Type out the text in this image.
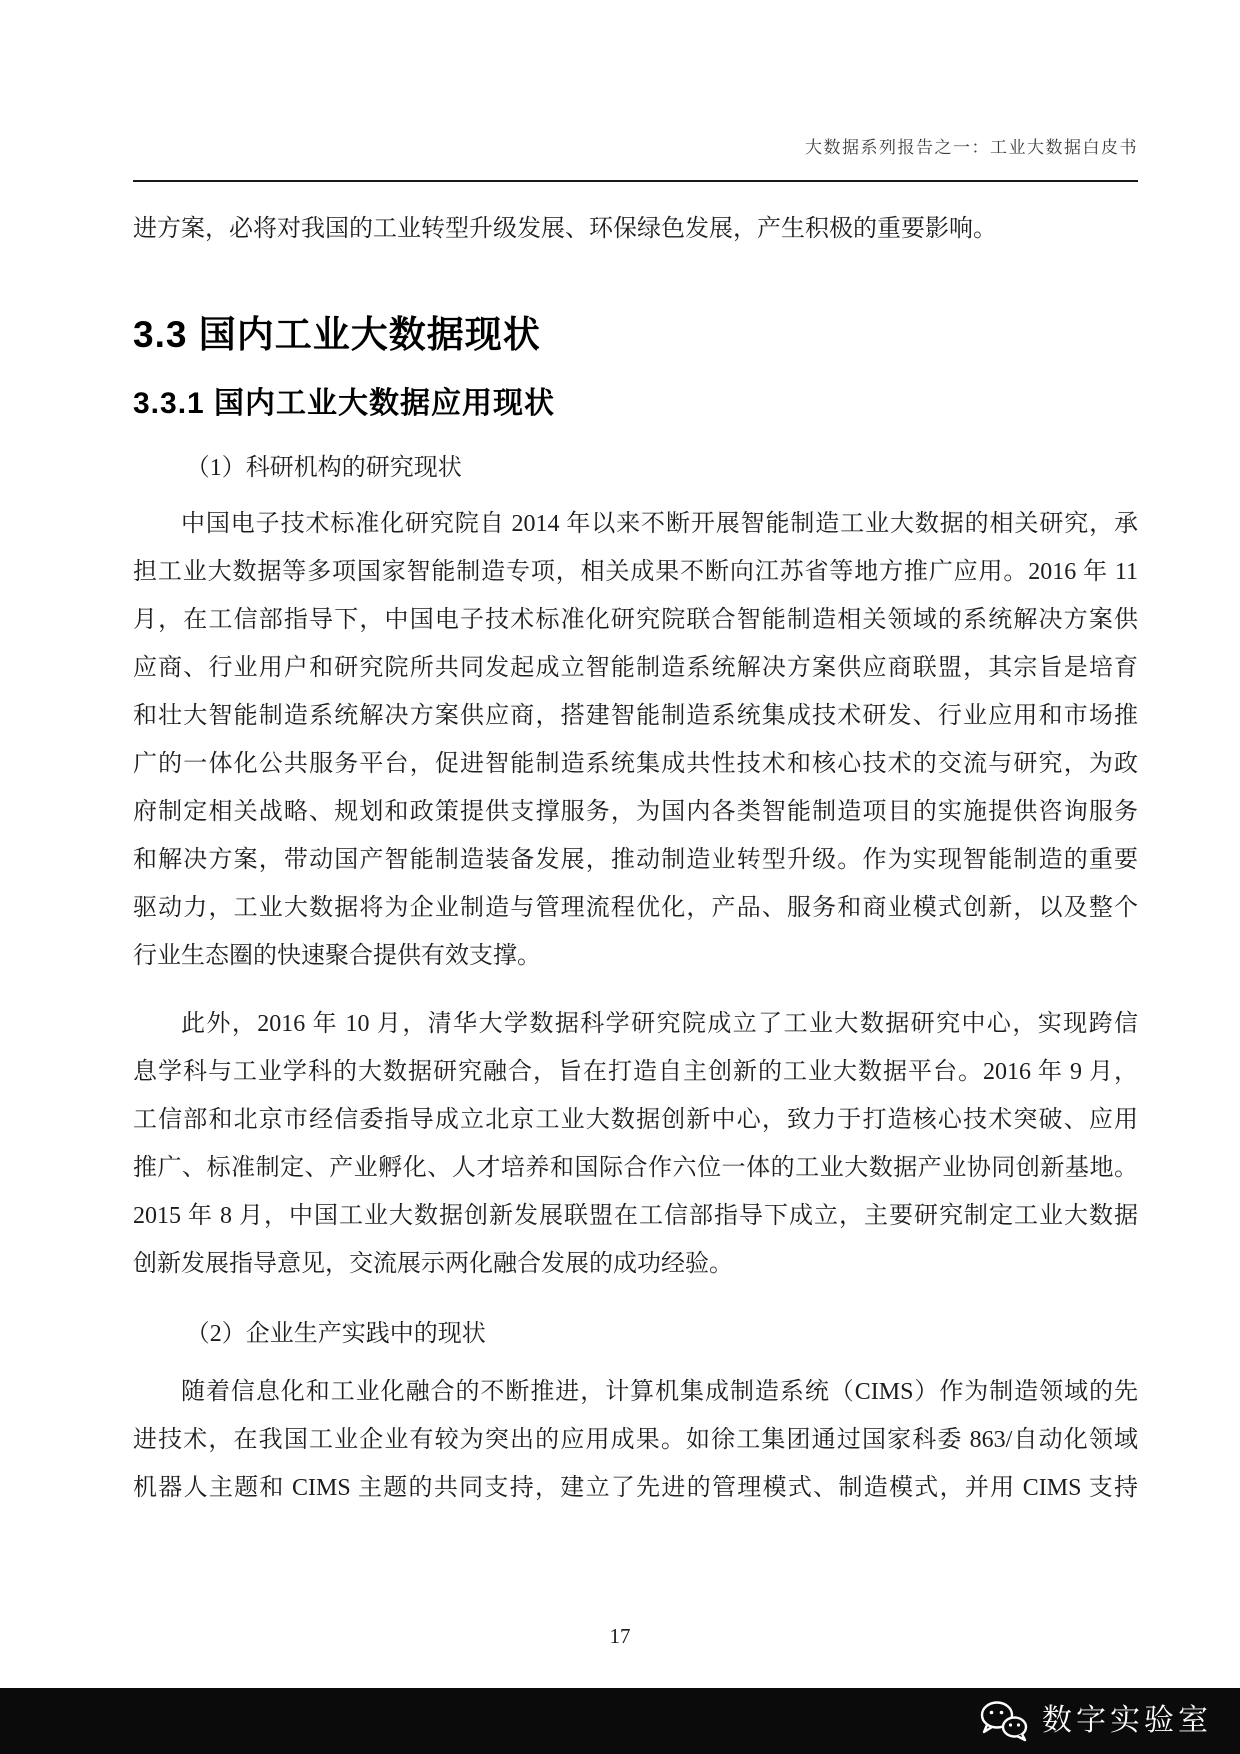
大数据系列报告之一：工业大数据白皮书
进方案，必将对我国的工业转型升级发展、环保绿色发展，产生积极的重要影响。
3.3 国内工业大数据现状
3.3.1 国内工业大数据应用现状
（1）科研机构的研究现状
中国电子技术标准化研究院自 2014 年以来不断开展智能制造工业大数据的相关研究，承
担工业大数据等多项国家智能制造专项，相关成果不断向江苏省等地方推广应用。2016 年 11
月，在工信部指导下，中国电子技术标准化研究院联合智能制造相关领域的系统解决方案供
应商、行业用户和研究院所共同发起成立智能制造系统解决方案供应商联盟，其宗旨是培育
和壮大智能制造系统解决方案供应商，搭建智能制造系统集成技术研发、行业应用和市场推
广的一体化公共服务平台，促进智能制造系统集成共性技术和核心技术的交流与研究，为政
府制定相关战略、规划和政策提供支撑服务，为国内各类智能制造项目的实施提供咨询服务
和解决方案，带动国产智能制造装备发展，推动制造业转型升级。作为实现智能制造的重要
驱动力，工业大数据将为企业制造与管理流程优化，产品、服务和商业模式创新，以及整个
行业生态圈的快速聚合提供有效支撑。
此外，2016 年 10 月，清华大学数据科学研究院成立了工业大数据研究中心，实现跨信
息学科与工业学科的大数据研究融合，旨在打造自主创新的工业大数据平台。2016 年 9 月，
工信部和北京市经信委指导成立北京工业大数据创新中心，致力于打造核心技术突破、应用
推广、标准制定、产业孵化、人才培养和国际合作六位一体的工业大数据产业协同创新基地。
2015 年 8 月，中国工业大数据创新发展联盟在工信部指导下成立，主要研究制定工业大数据
创新发展指导意见，交流展示两化融合发展的成功经验。
（2）企业生产实践中的现状
随着信息化和工业化融合的不断推进，计算机集成制造系统（CIMS）作为制造领域的先
进技术，在我国工业企业有较为突出的应用成果。如徐工集团通过国家科委 863/自动化领域
机器人主题和 CIMS 主题的共同支持，建立了先进的管理模式、制造模式，并用 CIMS 支持
17
数字实验室
